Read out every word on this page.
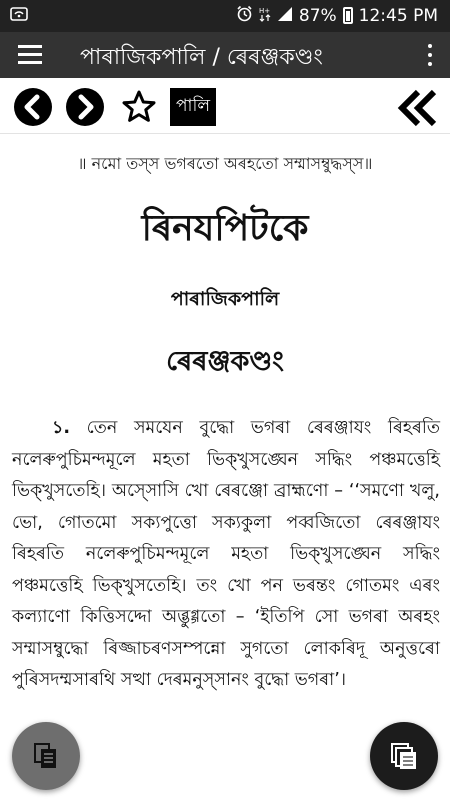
H+ 87% 12:45 PM
পাৰাজিকপালি / ৰেৰঞ্জকণ্ডং
পালি
॥ নমো তস্স ভগৰতো অৰহতো সম্মাসম্বুদ্ধস্স॥
ৰিনযপিটকে
পাৰাজিকপালি
ৰেৰঞ্জকণ্ডং

১. তেন সমযেন বুদ্ধো ভগৰা ৰেৰঞ্জাযং ৰিহৰতি নলেৰুপুচিমন্দমূলে মহতা ভিক্খুসঙ্ঘেন সদ্ধিং পঞ্চমত্তেহি ভিক্খুসতেহি। অস্সোসি খো ৰেৰঞ্জো ব্ৰাহ্মণো – ‘‘সমণো খলু, ভো, গোতমো সক্যপুত্তো সক্যকুলা পব্বজিতো ৰেৰঞ্জাযং ৰিহৰতি নলেৰুপুচিমন্দমূলে মহতা ভিক্খুসঙ্ঘেন সদ্ধিং পঞ্চমত্তেহি ভিক্খুসতেহি। তং খো পন ভৰন্তং গোতমং এৰং কল্যাণো কিত্তিসদ্দো অব্ভুগ্গতো – ‘ইতিপি সো ভগৰা অৰহং সম্মাসম্বুদ্ধো ৰিজ্জাচৰণসম্পন্নো সুগতো লোকৰিদূ অনুত্তৰো পুৰিসদম্মসাৰথি সত্থা দেৰমনুস্সানং বুদ্ধো ভগৰা’।
